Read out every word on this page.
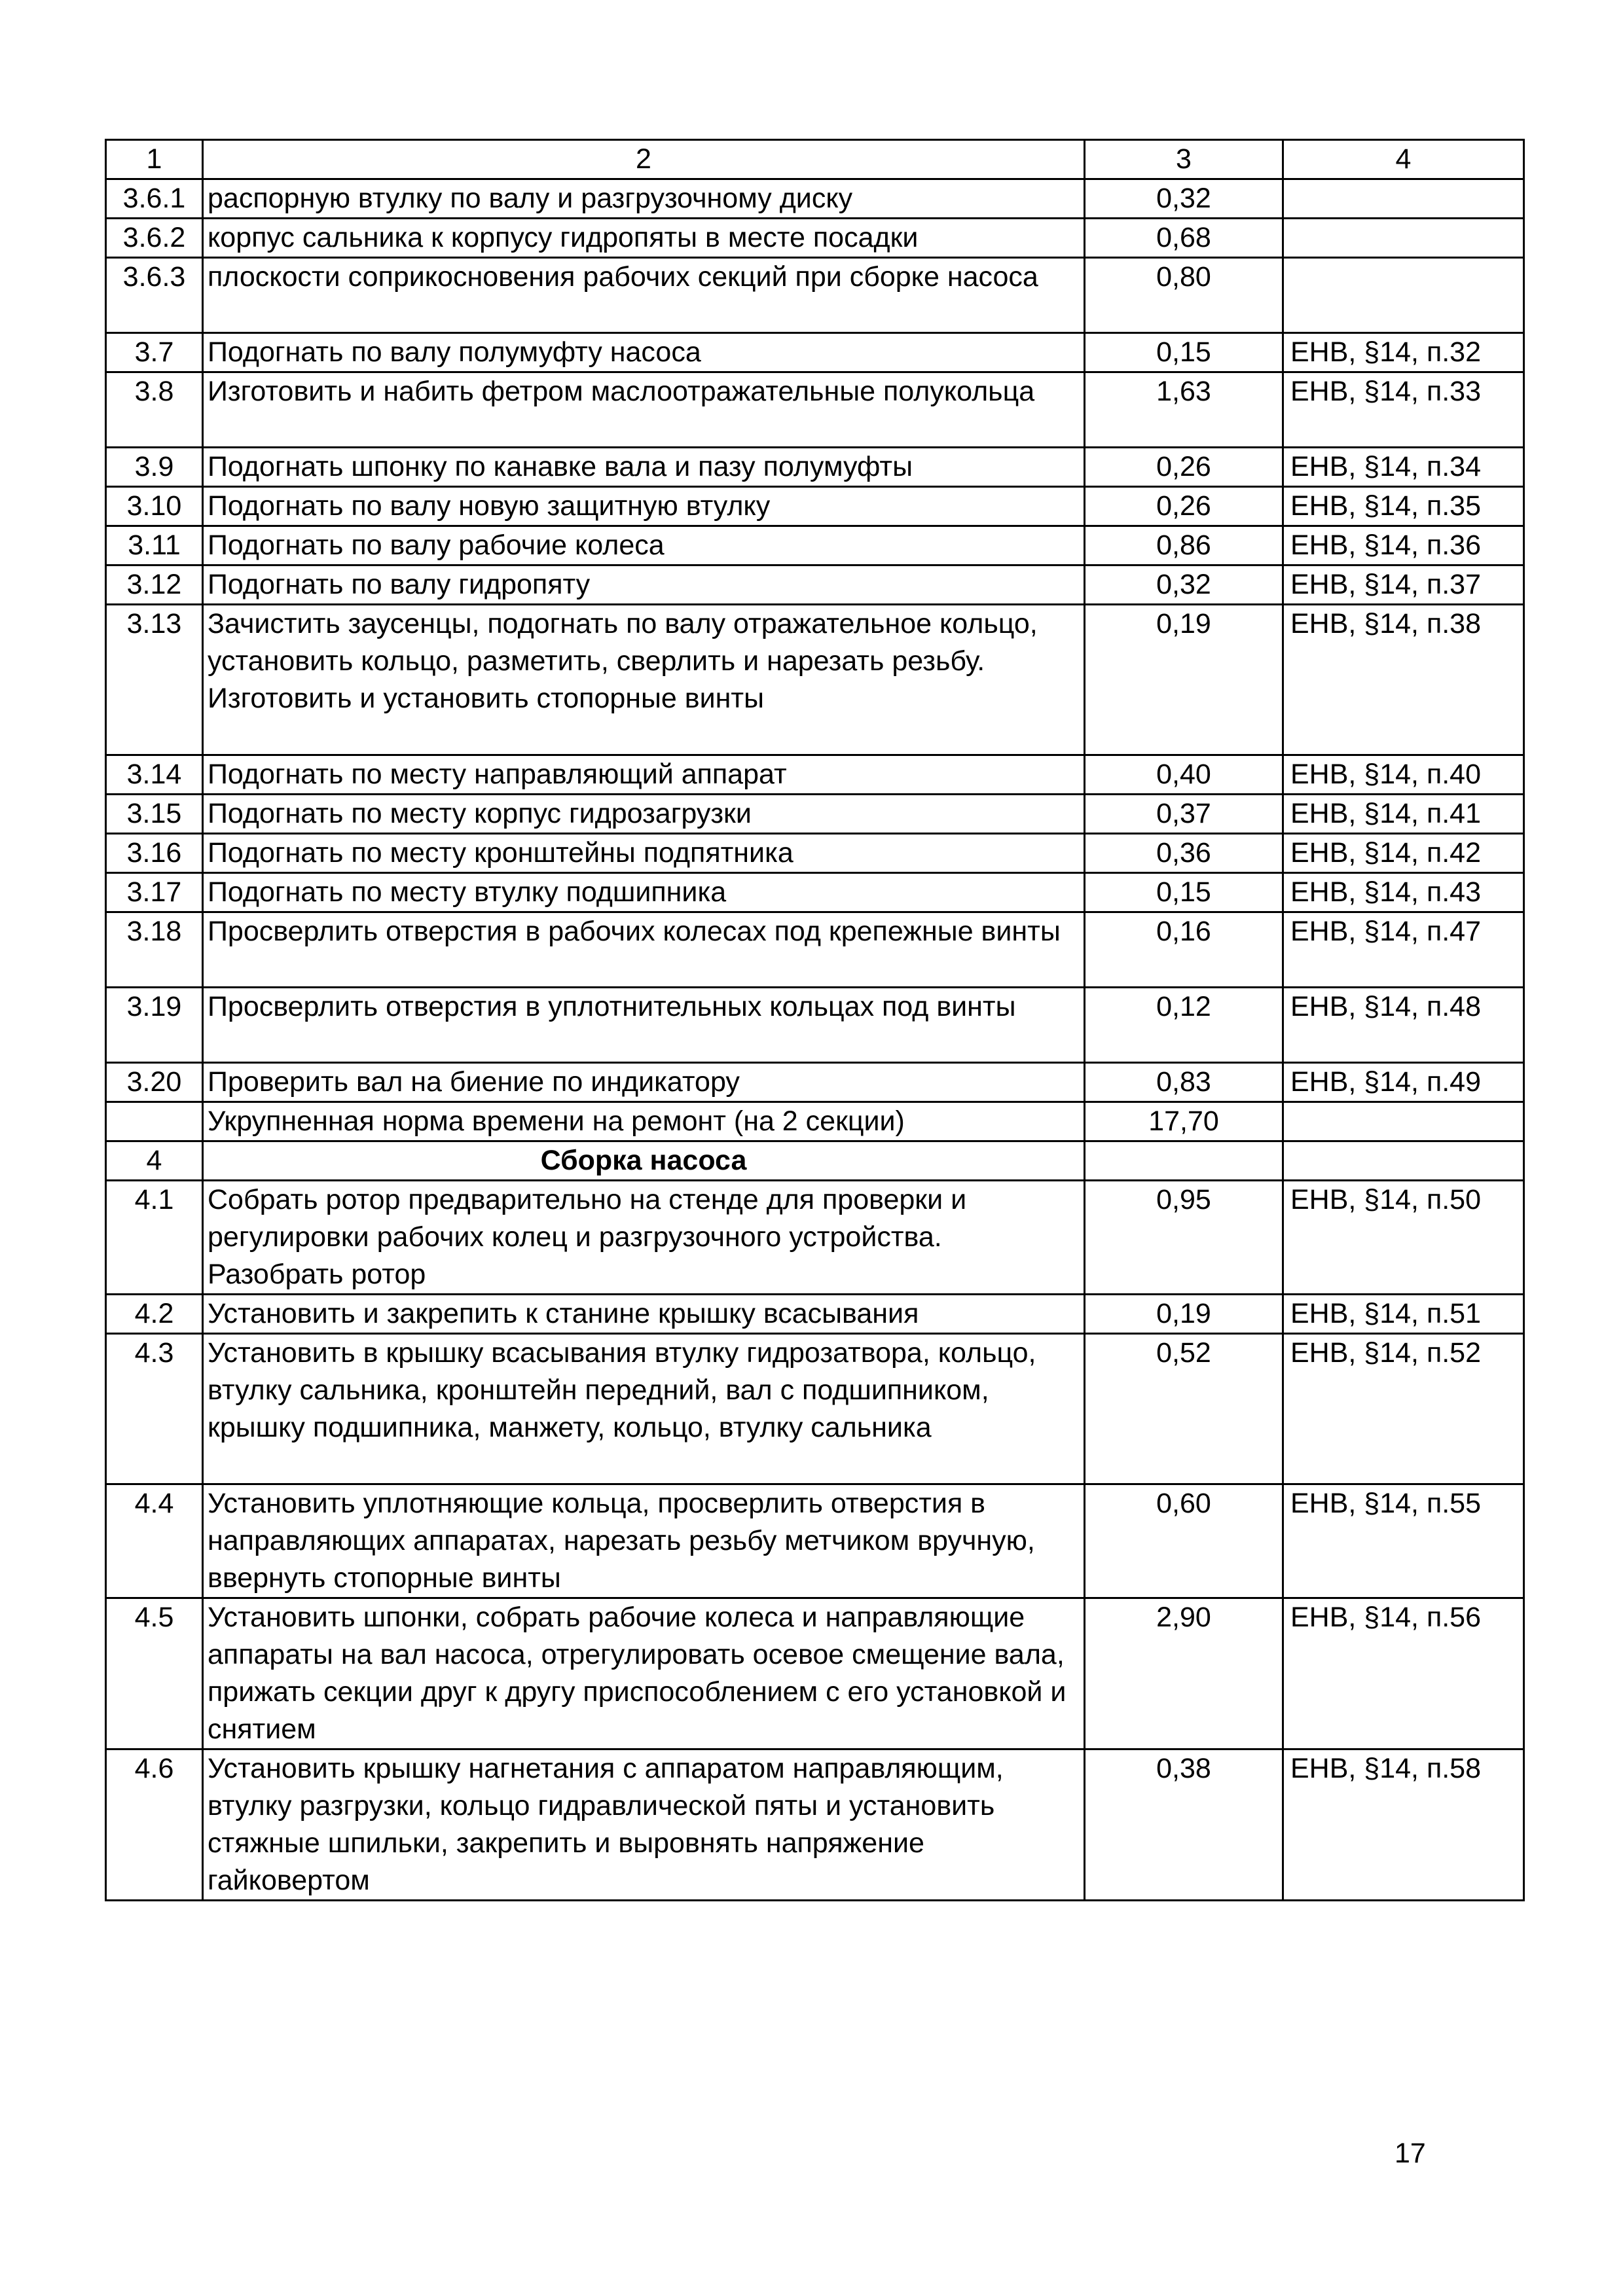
1	2	3	4
3.6.1	распорную втулку по валу и разгрузочному диску	0,32	
3.6.2	корпус сальника к корпусу гидропяты в месте посадки	0,68	
3.6.3	плоскости соприкосновения рабочих секций при сборке насоса	0,80	
3.7	Подогнать по валу полумуфту насоса	0,15	ЕНВ, §14, п.32
3.8	Изготовить и набить фетром маслоотражательные полукольца	1,63	ЕНВ, §14, п.33
3.9	Подогнать шпонку по канавке вала и пазу полумуфты	0,26	ЕНВ, §14, п.34
3.10	Подогнать по валу новую защитную втулку	0,26	ЕНВ, §14, п.35
3.11	Подогнать по валу рабочие колеса	0,86	ЕНВ, §14, п.36
3.12	Подогнать по валу гидропяту	0,32	ЕНВ, §14, п.37
3.13	Зачистить заусенцы, подогнать по валу отражательное кольцо, установить кольцо, разметить, сверлить и нарезать резьбу. Изготовить и установить стопорные винты	0,19	ЕНВ, §14, п.38
3.14	Подогнать по месту направляющий аппарат	0,40	ЕНВ, §14, п.40
3.15	Подогнать по месту корпус гидрозагрузки	0,37	ЕНВ, §14, п.41
3.16	Подогнать по месту кронштейны подпятника	0,36	ЕНВ, §14, п.42
3.17	Подогнать по месту втулку подшипника	0,15	ЕНВ, §14, п.43
3.18	Просверлить отверстия в рабочих колесах под крепежные винты	0,16	ЕНВ, §14, п.47
3.19	Просверлить отверстия в уплотнительных кольцах под винты	0,12	ЕНВ, §14, п.48
3.20	Проверить вал на биение по индикатору	0,83	ЕНВ, §14, п.49
	Укрупненная норма времени на ремонт (на 2 секции)	17,70	
4	Сборка насоса		
4.1	Собрать ротор предварительно на стенде для проверки и регулировки рабочих колец и разгрузочного устройства. Разобрать ротор	0,95	ЕНВ, §14, п.50
4.2	Установить и закрепить к станине крышку всасывания	0,19	ЕНВ, §14, п.51
4.3	Установить в крышку всасывания втулку гидрозатвора, кольцо, втулку сальника, кронштейн передний, вал с подшипником, крышку подшипника, манжету, кольцо, втулку сальника	0,52	ЕНВ, §14, п.52
4.4	Установить уплотняющие кольца, просверлить отверстия в направляющих аппаратах, нарезать резьбу метчиком вручную, ввернуть стопорные винты	0,60	ЕНВ, §14, п.55
4.5	Установить шпонки, собрать рабочие колеса и направляющие аппараты на вал насоса, отрегулировать осевое смещение вала, прижать секции друг к другу приспособлением с его установкой и снятием	2,90	ЕНВ, §14, п.56
4.6	Установить крышку нагнетания с аппаратом направляющим, втулку разгрузки, кольцо гидравлической пяты и установить стяжные шпильки, закрепить и выровнять напряжение гайковертом	0,38	ЕНВ, §14, п.58
17
